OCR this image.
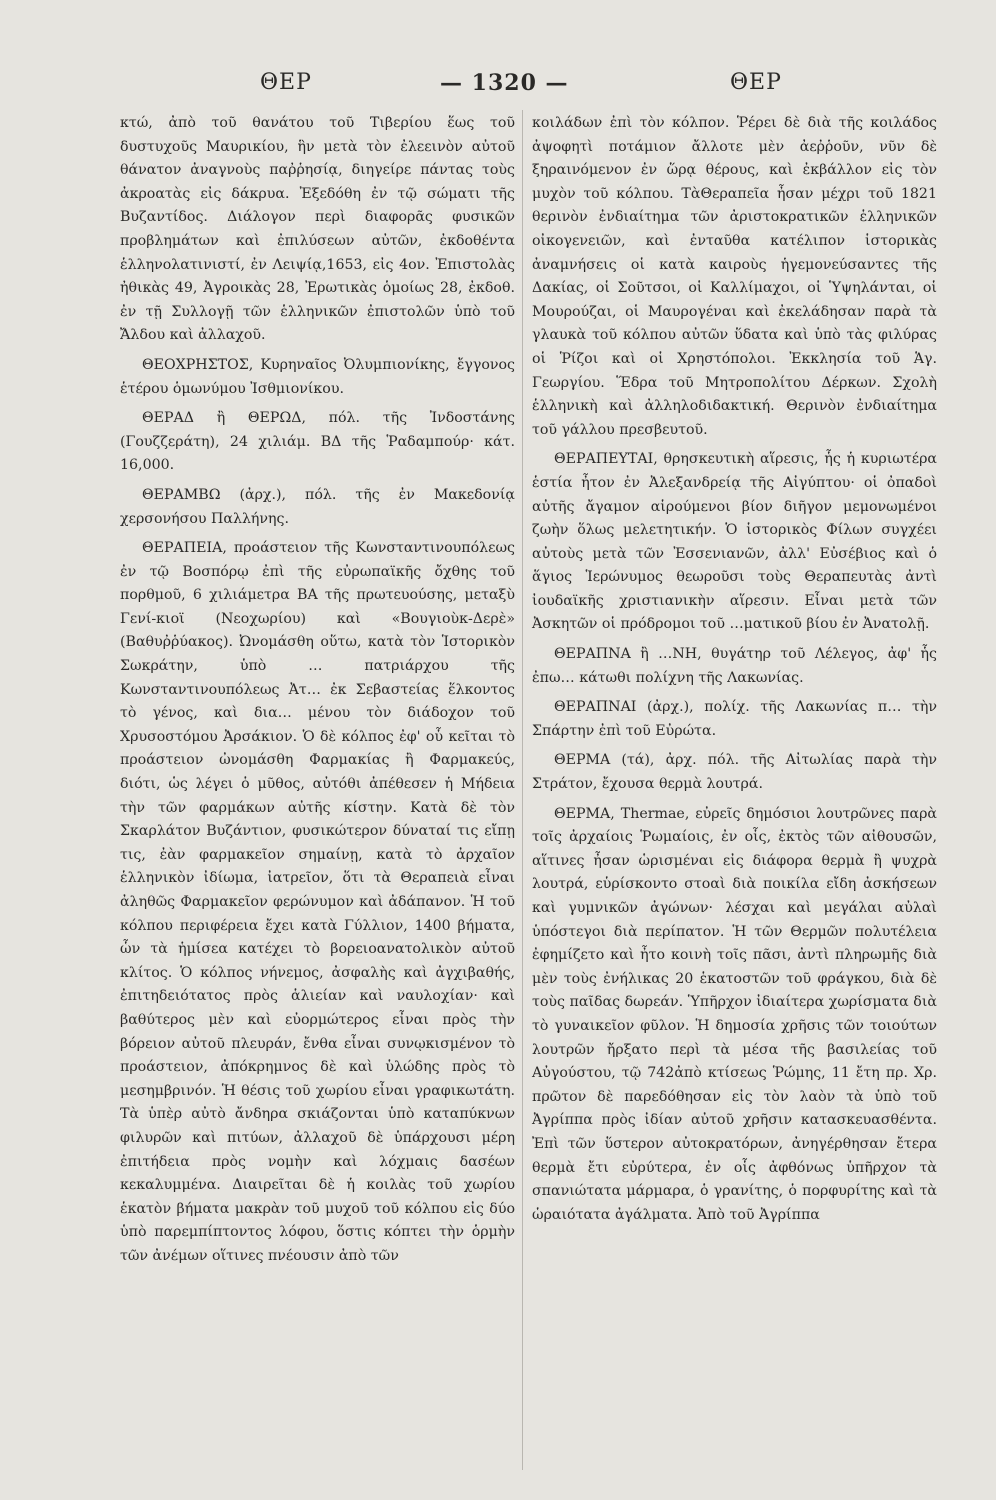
ΘΕΡ	— 1320 —	ΘΕΡ

κτώ, ἀπὸ τοῦ θανάτου τοῦ Τιβερίου ἕως τοῦ δυστυχοῦς Μαυρικίου, ἣν μετὰ τὸν ἐλεεινὸν αὐτοῦ θάνατον ἀναγνοὺς παῤῥησίᾳ, διηγείρε πάντας τοὺς ἀκροατὰς εἰς δάκρυα. Ἐξεδόθη ἐν τῷ σώματι τῆς Βυζαντίδος. Διάλογον περὶ διαφορᾶς φυσικῶν προβλημάτων καὶ ἐπιλύσεων αὐτῶν, ἐκδοθέντα ἑλληνολατινιστί, ἐν Λειψίᾳ,1653, εἰς 4ον. Ἐπιστολὰς ἠθικὰς 49, Ἀγροικὰς 28, Ἐρωτικὰς ὁμοίως 28, ἐκδοθ. ἐν τῇ Συλλογῇ τῶν ἑλληνικῶν ἐπιστολῶν ὑπὸ τοῦ Ἄλδου καὶ ἀλλαχοῦ.

ΘΕΟΧΡΗΣΤΟΣ, Κυρηναῖος Ὀλυμπιονίκης, ἔγγονος ἑτέρου ὁμωνύμου Ἰσθμιονίκου.

ΘΕΡΑΔ ἢ ΘΕΡΩΔ, πόλ. τῆς Ἰνδοστάνης (Γουζζεράτη), 24 χιλιάμ. ΒΔ τῆς Ῥαδαμπούρ· κάτ. 16,000.

ΘΕΡΑΜΒΩ (ἀρχ.), πόλ. τῆς ἐν Μακεδονίᾳ χερσονήσου Παλλήνης.

ΘΕΡΑΠΕΙΑ, προάστειον τῆς Κωνσταντινουπόλεως ἐν τῷ Βοσπόρῳ ἐπὶ τῆς εὐρωπαϊκῆς ὄχθης τοῦ πορθμοῦ, 6 χιλιάμετρα ΒΑ τῆς πρωτευούσης, μεταξὺ Γενί-κιοϊ (Νεοχωρίου) καὶ «Βουγιοὺκ-Δερὲ» (Βαθυῤῥύακος). Ὠνομάσθη οὕτω, κατὰ τὸν Ἱστορικὸν Σωκράτην, ὑπὸ … πατριάρχου τῆς Κωνσταντινουπόλεως Ἀτ… ἐκ Σεβαστείας ἕλκοντος τὸ γένος, καὶ δια… μένου τὸν διάδοχον τοῦ Χρυσοστόμου Ἀρσάκιον. Ὁ δὲ κόλπος ἐφ' οὗ κεῖται τὸ προάστειον ὠνομάσθη Φαρμακίας ἢ Φαρμακεύς, διότι, ὡς λέγει ὁ μῦθος, αὐτόθι ἀπέθεσεν ἡ Μήδεια τὴν τῶν φαρμάκων αὐτῆς κίστην. Κατὰ δὲ τὸν Σκαρλάτον Βυζάντιον, φυσικώτερον δύναταί τις εἴπῃ τις, ἐὰν φαρμακεῖον σημαίνῃ, κατὰ τὸ ἀρχαῖον ἑλληνικὸν ἰδίωμα, ἰατρεῖον, ὅτι τὰ Θεραπειὰ εἶναι ἀληθῶς Φαρμακεῖον φερώνυμον καὶ ἀδάπανον. Ἡ τοῦ κόλπου περιφέρεια ἔχει κατὰ Γύλλιον, 1400 βήματα, ὧν τὰ ἡμίσεα κατέχει τὸ βορειοανατολικὸν αὐτοῦ κλίτος. Ὁ κόλπος νήνεμος, ἀσφαλὴς καὶ ἀγχιβαθής, ἐπιτηδειότατος πρὸς ἁλιείαν καὶ ναυλοχίαν· καὶ βαθύτερος μὲν καὶ εὐορμώτερος εἶναι πρὸς τὴν βόρειον αὐτοῦ πλευράν, ἔνθα εἶναι συνῳκισμένον τὸ προάστειον, ἀπόκρημνος δὲ καὶ ὑλώδης πρὸς τὸ μεσημβρινόν. Ἡ θέσις τοῦ χωρίου εἶναι γραφικωτάτη. Τὰ ὑπὲρ αὐτὸ ἄνδηρα σκιάζονται ὑπὸ καταπύκνων φιλυρῶν καὶ πιτύων, ἀλλαχοῦ δὲ ὑπάρχουσι μέρη ἐπιτήδεια πρὸς νομὴν καὶ λόχμαις δασέων κεκαλυμμένα. Διαιρεῖται δὲ ἡ κοιλὰς τοῦ χωρίου ἑκατὸν βήματα μακρὰν τοῦ μυχοῦ τοῦ κόλπου εἰς δύο ὑπὸ παρεμπίπτοντος λόφου, ὅστις κόπτει τὴν ὁρμὴν τῶν ἀνέμων οἵτινες πνέουσιν ἀπὸ τῶν

κοιλάδων ἐπὶ τὸν κόλπον. Ῥέρει δὲ διὰ τῆς κοιλάδος ἀψοφητὶ ποτάμιον ἄλλοτε μὲν ἀεῤῥοῦν, νῦν δὲ ξηραινόμενον ἐν ὥρᾳ θέρους, καὶ ἐκβάλλον εἰς τὸν μυχὸν τοῦ κόλπου. ΤὰΘεραπεῖα ἦσαν μέχρι τοῦ 1821 θερινὸν ἐνδιαίτημα τῶν ἀριστοκρατικῶν ἑλληνικῶν οἰκογενειῶν, καὶ ἐνταῦθα κατέλιπον ἱστορικὰς ἀναμνήσεις οἱ κατὰ καιροὺς ἡγεμονεύσαντες τῆς Δακίας, οἱ Σοῦτσοι, οἱ Καλλίμαχοι, οἱ Ὑψηλάνται, οἱ Μουρούζαι, οἱ Μαυρογέναι καὶ ἐκελάδησαν παρὰ τὰ γλαυκὰ τοῦ κόλπου αὐτῶν ὕδατα καὶ ὑπὸ τὰς φιλύρας οἱ Ῥίζοι καὶ οἱ Χρηστόπολοι. Ἐκκλησία τοῦ Ἁγ. Γεωργίου. Ἕδρα τοῦ Μητροπολίτου Δέρκων. Σχολὴ ἑλληνικὴ καὶ ἀλληλοδιδακτική. Θερινὸν ἐνδιαίτημα τοῦ γάλλου πρεσβευτοῦ.

ΘΕΡΑΠΕΥΤΑΙ, θρησκευτικὴ αἵρεσις, ἧς ἡ κυριωτέρα ἑστία ἦτον ἐν Ἀλεξανδρείᾳ τῆς Αἰγύπτου· οἱ ὀπαδοὶ αὐτῆς ἄγαμον αἱρούμενοι βίον διῆγον μεμονωμένοι ζωὴν ὅλως μελετητικήν. Ὁ ἱστορικὸς Φίλων συγχέει αὐτοὺς μετὰ τῶν Ἐσσενιανῶν, ἀλλ' Εὐσέβιος καὶ ὁ ἅγιος Ἱερώνυμος θεωροῦσι τοὺς Θεραπευτὰς ἀντὶ ἰουδαϊκῆς χριστιανικὴν αἵρεσιν. Εἶναι μετὰ τῶν Ἀσκητῶν οἱ πρόδρομοι τοῦ …ματικοῦ βίου ἐν Ἀνατολῇ.

ΘΕΡΑΠΝΑ ἢ …ΝΗ, θυγάτηρ τοῦ Λέλεγος, ἀφ' ἧς ἐπω… κάτωθι πολίχνη τῆς Λακωνίας.

ΘΕΡΑΠΝΑΙ (ἀρχ.), πολίχ. τῆς Λακωνίας π… τὴν Σπάρτην ἐπὶ τοῦ Εὐρώτα.

ΘΕΡΜΑ (τά), ἀρχ. πόλ. τῆς Αἰτωλίας παρὰ τὴν Στράτον, ἔχουσα θερμὰ λουτρά.

ΘΕΡΜΑ, Thermae, εὐρεῖς δημόσιοι λουτρῶνες παρὰ τοῖς ἀρχαίοις Ῥωμαίοις, ἐν οἷς, ἐκτὸς τῶν αἰθουσῶν, αἵτινες ἦσαν ὡρισμέναι εἰς διάφορα θερμὰ ἢ ψυχρὰ λουτρά, εὑρίσκοντο στοαὶ διὰ ποικίλα εἴδη ἀσκήσεων καὶ γυμνικῶν ἀγώνων· λέσχαι καὶ μεγάλαι αὐλαὶ ὑπόστεγοι διὰ περίπατον. Ἡ τῶν Θερμῶν πολυτέλεια ἐφημίζετο καὶ ἦτο κοινὴ τοῖς πᾶσι, ἀντὶ πληρωμῆς διὰ μὲν τοὺς ἐνήλικας 20 ἑκατοστῶν τοῦ φράγκου, διὰ δὲ τοὺς παῖδας δωρεάν. Ὑπῆρχον ἰδιαίτερα χωρίσματα διὰ τὸ γυναικεῖον φῦλον. Ἡ δημοσία χρῆσις τῶν τοιούτων λουτρῶν ἤρξατο περὶ τὰ μέσα τῆς βασιλείας τοῦ Αὐγούστου, τῷ 742ἀπὸ κτίσεως Ῥώμης, 11 ἔτη πρ. Χρ. πρῶτον δὲ παρεδόθησαν εἰς τὸν λαὸν τὰ ὑπὸ τοῦ Ἀγρίππα πρὸς ἰδίαν αὐτοῦ χρῆσιν κατασκευασθέντα. Ἐπὶ τῶν ὕστερον αὐτοκρατόρων, ἀνηγέρθησαν ἔτερα θερμὰ ἔτι εὐρύτερα, ἐν οἷς ἀφθόνως ὑπῆρχον τὰ σπανιώτατα μάρμαρα, ὁ γρανίτης, ὁ πορφυρίτης καὶ τὰ ὡραιότατα ἀγάλματα. Ἀπὸ τοῦ Ἀγρίππα
